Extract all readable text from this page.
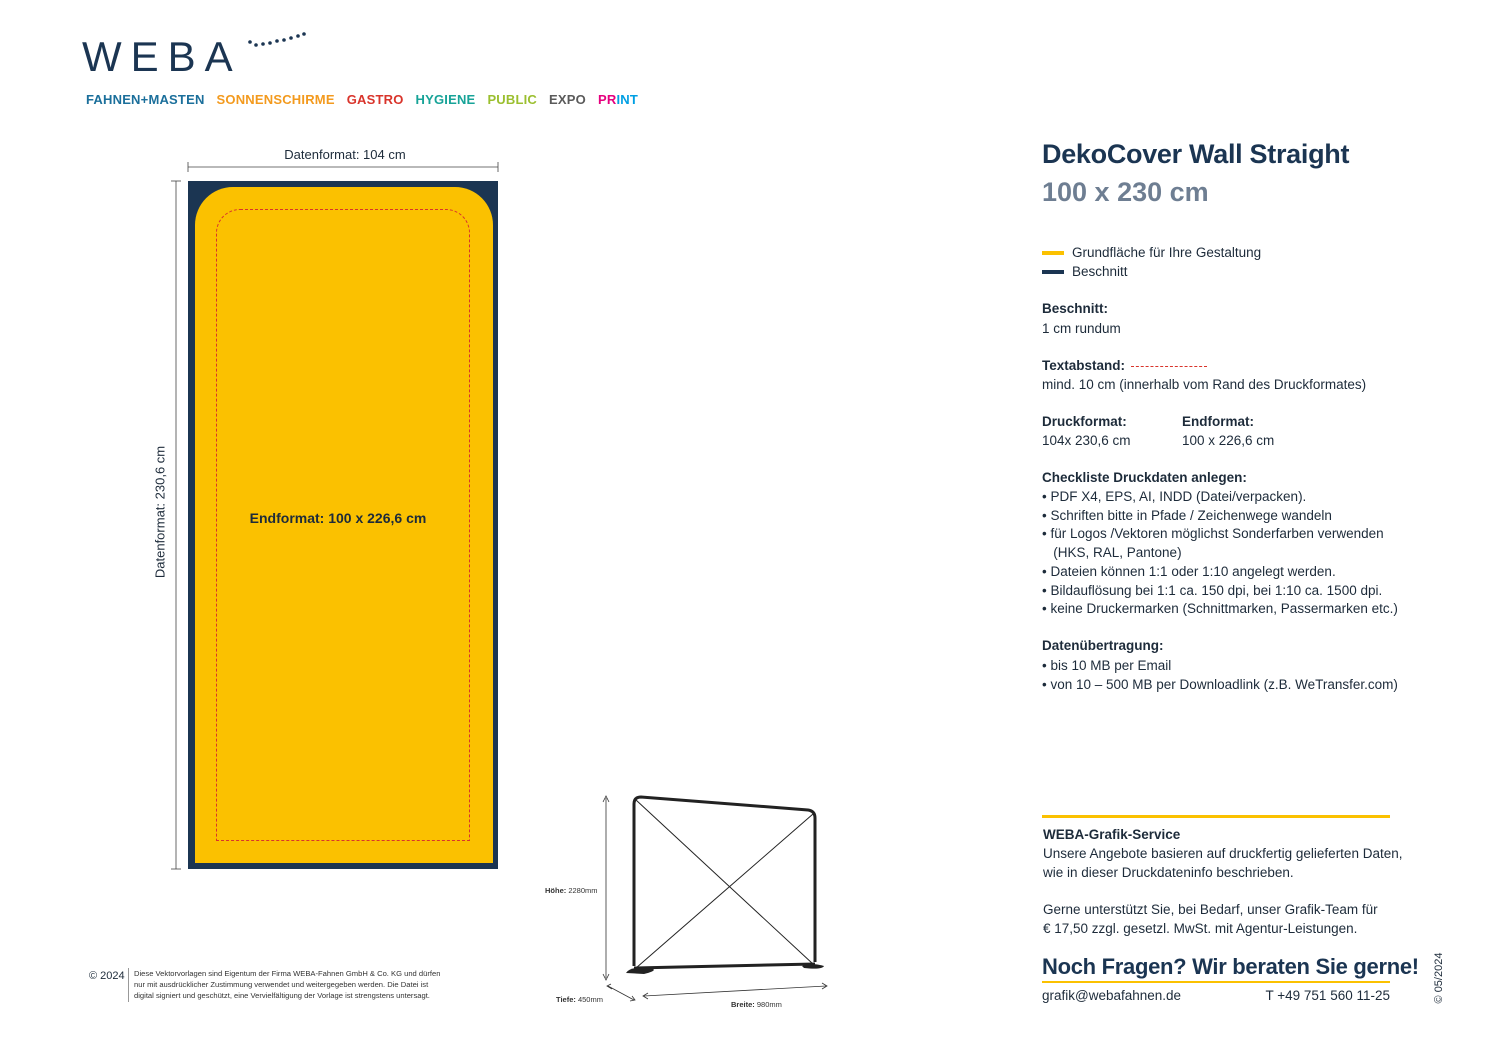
WEBA
FAHNEN+MASTEN SONNENSCHIRME GASTRO HYGIENE PUBLIC EXPO PRINT
Datenformat: 104 cm
Datenformat: 230,6 cm	Endformat: 100 x 226,6 cm
Höhe: 2280mm
Tiefe: 450mm
Breite: 980mm
DekoCover Wall Straight
100 x 230 cm
Grundfläche für Ihre Gestaltung
Beschnitt
Beschnitt:
1 cm rundum
Textabstand:
mind. 10 cm (innerhalb vom Rand des Druckformates)
Druckformat:
104x 230,6 cm
Endformat:
100 x 226,6 cm
Checkliste Druckdaten anlegen:
• PDF X4, EPS, AI, INDD (Datei/verpacken).
• Schriften bitte in Pfade / Zeichenwege wandeln
• für Logos /Vektoren möglichst Sonderfarben verwenden
(HKS, RAL, Pantone)
• Dateien können 1:1 oder 1:10 angelegt werden.
• Bildauflösung bei 1:1 ca. 150 dpi, bei 1:10 ca. 1500 dpi.
• keine Druckermarken (Schnittmarken, Passermarken etc.)
Datenübertragung:
• bis 10 MB per Email
• von 10 – 500 MB per Downloadlink (z.B. WeTransfer.com)
WEBA-Grafik-Service
Unsere Angebote basieren auf druckfertig gelieferten Daten,
wie in dieser Druckdateninfo beschrieben.
Gerne unterstützt Sie, bei Bedarf, unser Grafik-Team für
€ 17,50 zzgl. gesetzl. MwSt. mit Agentur-Leistungen.
Noch Fragen? Wir beraten Sie gerne!
grafik@webafahnen.de	T +49 751 560 11-25	© 05/2024
© 2024 Diese Vektorvorlagen sind Eigentum der Firma WEBA-Fahnen GmbH & Co. KG und dürfen
nur mit ausdrücklicher Zustimmung verwendet und weitergegeben werden. Die Datei ist
digital signiert und geschützt, eine Vervielfältigung der Vorlage ist strengstens untersagt.
